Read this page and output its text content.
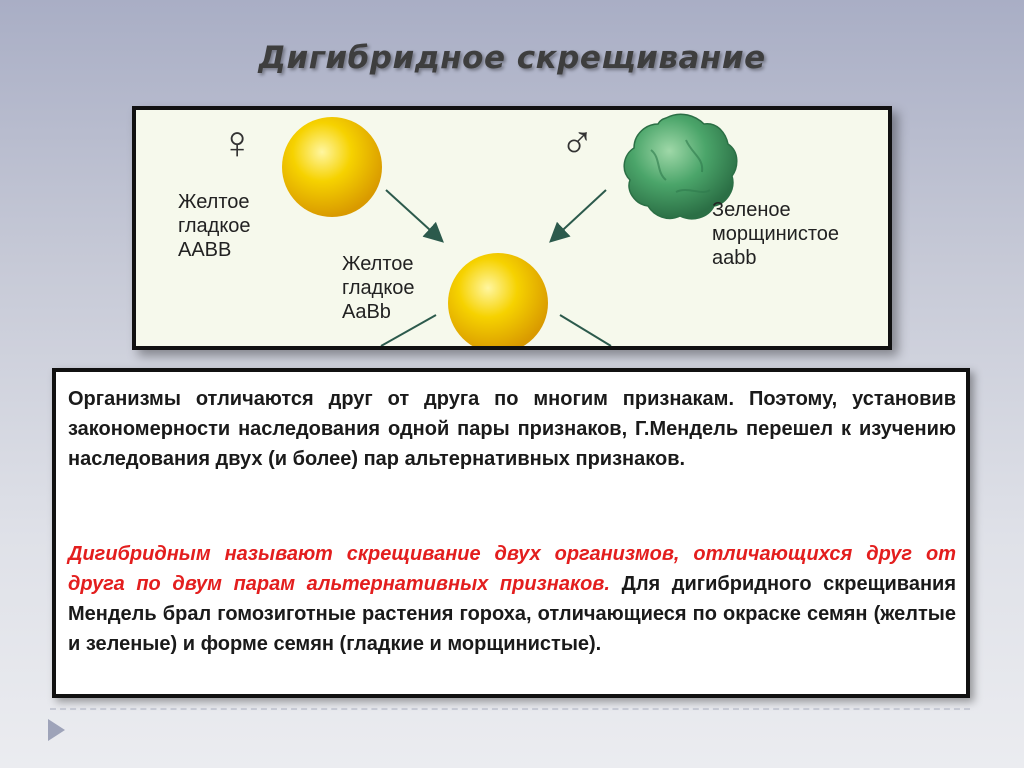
Дигибридное скрещивание
♀	♂
Желтое
гладкое
ААВВ
Зеленое
морщинистое
aabb
Желтое
гладкое
АaBb

Организмы отличаются друг от друга по многим признакам. Поэтому, установив закономерности наследования одной пары признаков, Г.Мендель перешел к изучению наследования двух (и более) пар альтернативных признаков.

Дигибридным называют скрещивание двух организмов, отличающихся друг от друга по двум парам альтернативных признаков. Для дигибридного скрещивания Мендель брал гомозиготные растения гороха, отличающиеся по окраске семян (желтые и зеленые) и форме семян (гладкие и морщинистые).
